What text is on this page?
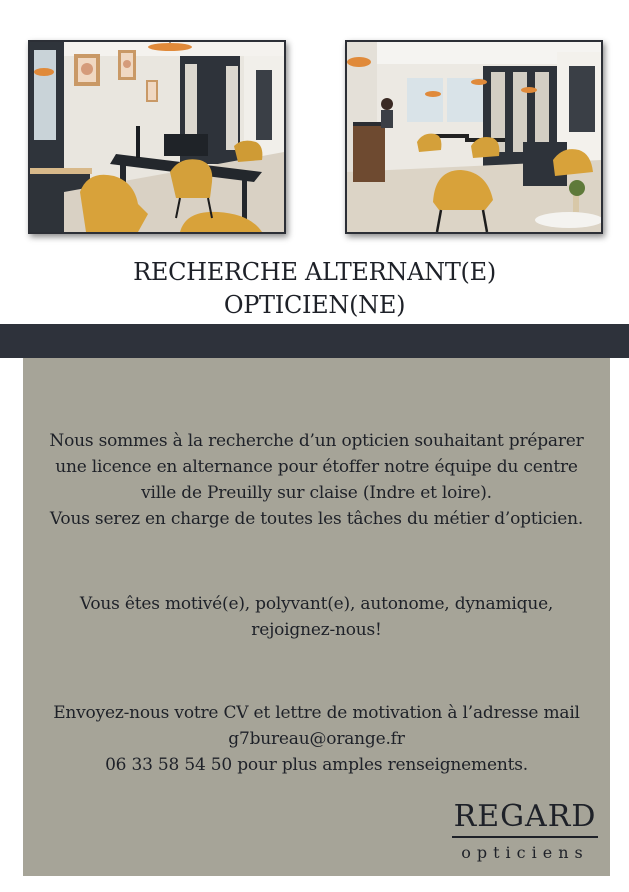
RECHERCHE ALTERNANT(E)
OPTICIEN(NE)
Nous sommes à la recherche d’un opticien souhaitant préparer
une licence en alternance pour étoffer notre équipe du centre
ville de Preuilly sur claise (Indre et loire).
Vous serez en charge de toutes les tâches du métier d’opticien.
Vous êtes motivé(e), polyvant(e), autonome, dynamique,
rejoignez-nous!
Envoyez-nous votre CV et lettre de motivation à l’adresse mail
g7bureau@orange.fr
06 33 58 54 50 pour plus amples renseignements.
REGARD
opticiens
